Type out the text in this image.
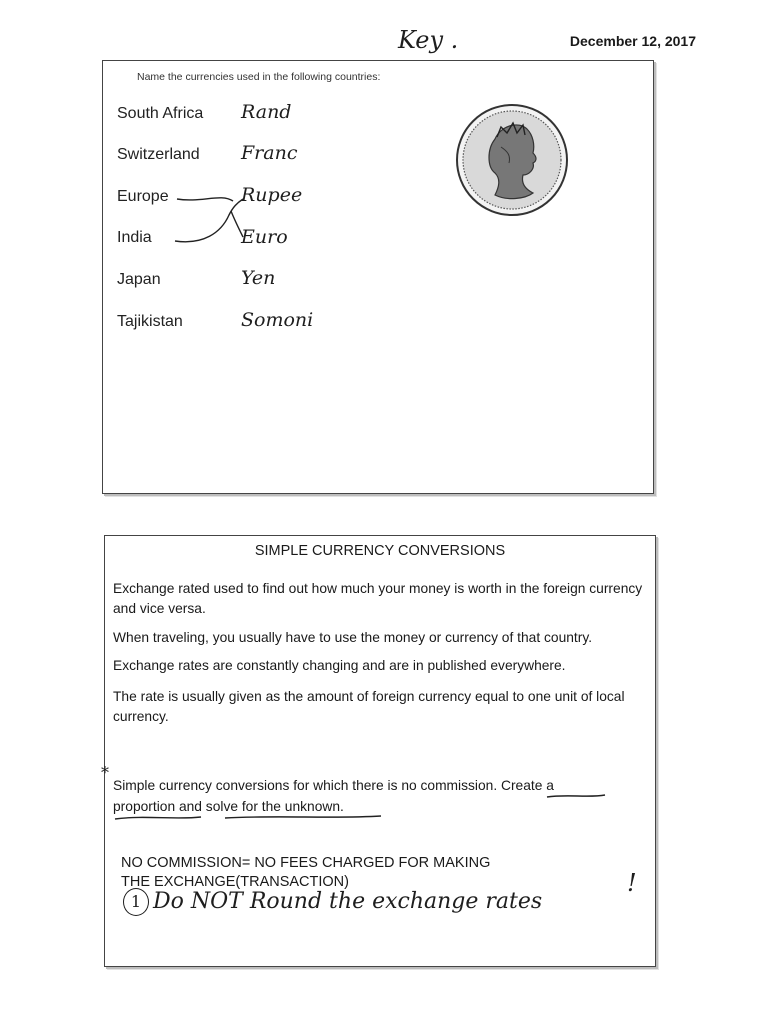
Key .	December 12, 2017
Name the currencies used in the following countries:
South Africa Rand
Switzerland Franc
Europe	Rupee
India	Euro
Japan	Yen
Tajikistan	Somoni
SIMPLE CURRENCY CONVERSIONS
Exchange rated used to find out how much your money is worth in the foreign currency and vice versa.
When traveling, you usually have to use the money or currency of that country.
Exchange rates are constantly changing and are in published everywhere.
The rate is usually given as the amount of foreign currency equal to one unit of local currency.
*
Simple currency conversions for which there is no commission. Create a
proportion and solve for the unknown.
NO COMMISSION= NO FEES CHARGED FOR MAKING
THE EXCHANGE(TRANSACTION)
1 Do NOT Round the exchange rates
!
